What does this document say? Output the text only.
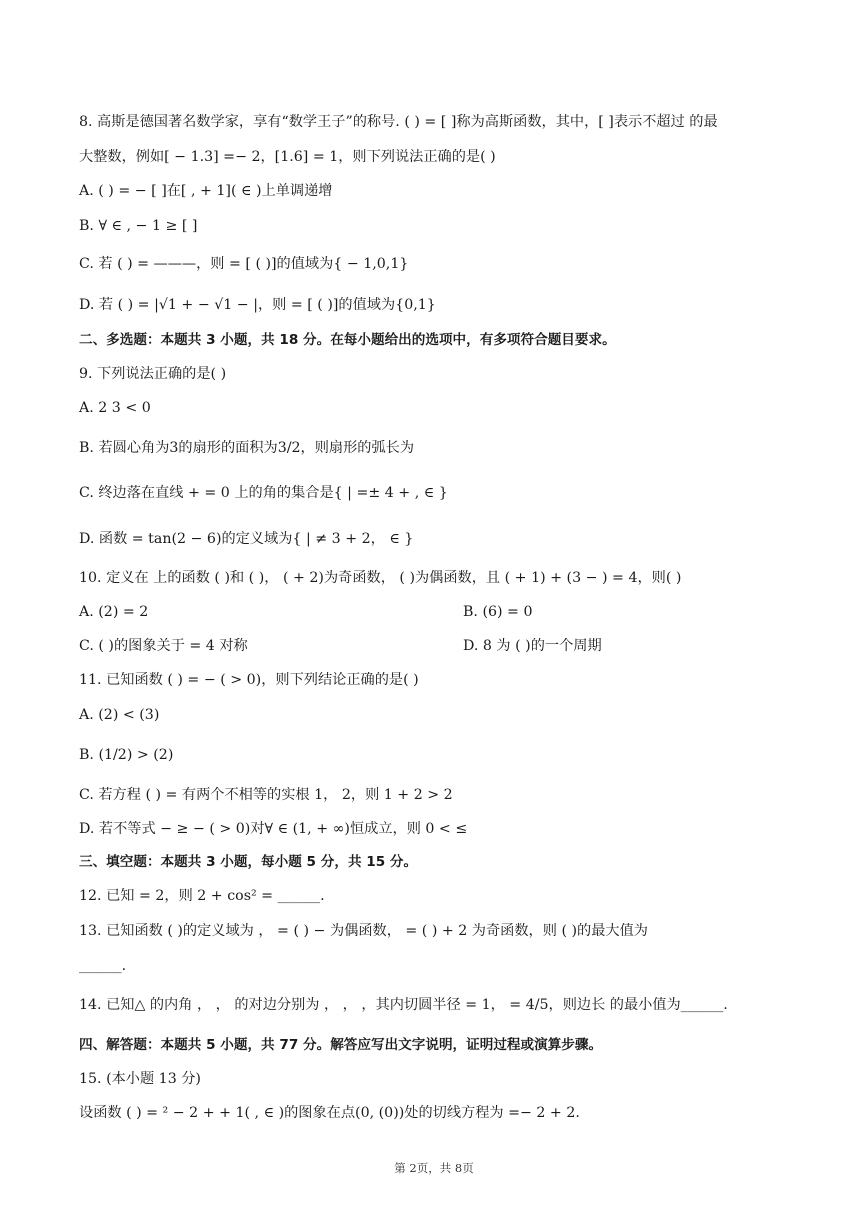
8. 高斯是德国著名数学家，享有“数学王子”的称号. ( ) = [ ]称为高斯函数，其中，[ ]表示不超过 的最
大整数，例如[ − 1.3] =− 2，[1.6] = 1，则下列说法正确的是( )
A. ( ) = − [ ]在[ , + 1]( ∈ )上单调递增
B. ∀ ∈ , − 1 ≥ [ ]
C. 若 ( ) = ———，则 = [ ( )]的值域为{ − 1,0,1}
D. 若 ( ) = |√1 + − √1 − |，则 = [ ( )]的值域为{0,1}
二、多选题：本题共 3 小题，共 18 分。在每小题给出的选项中，有多项符合题目要求。
9. 下列说法正确的是( )
A. 2 3 < 0
B. 若圆心角为3的扇形的面积为3/2，则扇形的弧长为
C. 终边落在直线 + = 0 上的角的集合是{ | =± 4 + , ∈ }
D. 函数 = tan(2 − 6)的定义域为{ | ≠ 3 + 2， ∈ }
10. 定义在 上的函数 ( )和 ( )， ( + 2)为奇函数， ( )为偶函数，且 ( + 1) + (3 − ) = 4，则( )
A. (2) = 2	B. (6) = 0
C. ( )的图象关于 = 4 对称	D. 8 为 ( )的一个周期
11. 已知函数 ( ) = − ( > 0)，则下列结论正确的是( )
A. (2) < (3)
B. (1/2) > (2)
C. 若方程 ( ) = 有两个不相等的实根 1， 2，则 1 + 2 > 2
D. 若不等式 − ≥ − ( > 0)对∀ ∈ (1, + ∞)恒成立，则 0 < ≤
三、填空题：本题共 3 小题，每小题 5 分，共 15 分。
12. 已知 = 2，则 2 + cos² = ______.
13. 已知函数 ( )的定义域为 ， = ( ) − 为偶函数， = ( ) + 2 为奇函数，则 ( )的最大值为
______.
14. 已知△ 的内角 ， ， 的对边分别为 ， ， ，其内切圆半径 = 1， = 4/5，则边长 的最小值为______.
四、解答题：本题共 5 小题，共 77 分。解答应写出文字说明，证明过程或演算步骤。
15. (本小题 13 分)
设函数 ( ) = ² − 2 + + 1( , ∈ )的图象在点(0, (0))处的切线方程为 =− 2 + 2.
第 2页，共 8页
